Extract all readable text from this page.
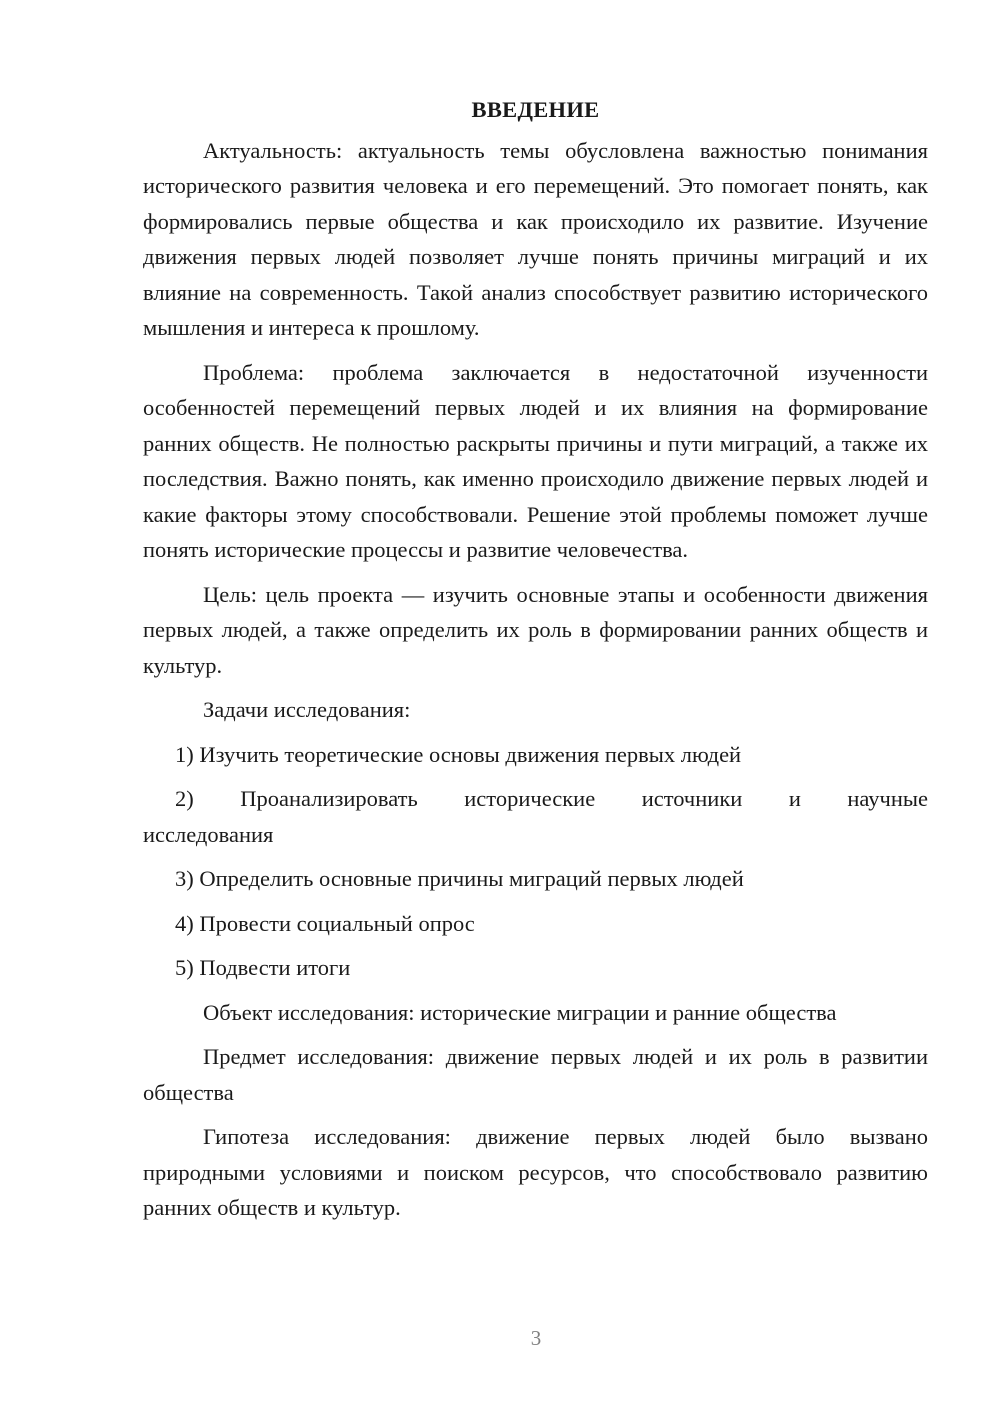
ВВЕДЕНИЕ

Актуальность: актуальность темы обусловлена важностью понимания исторического развития человека и его перемещений. Это помогает понять, как формировались первые общества и как происходило их развитие. Изучение движения первых людей позволяет лучше понять причины миграций и их влияние на современность. Такой анализ способствует развитию исторического мышления и интереса к прошлому.

Проблема: проблема заключается в недостаточной изученности особенностей перемещений первых людей и их влияния на формирование ранних обществ. Не полностью раскрыты причины и пути миграций, а также их последствия. Важно понять, как именно происходило движение первых людей и какие факторы этому способствовали. Решение этой проблемы поможет лучше понять исторические процессы и развитие человечества.

Цель: цель проекта — изучить основные этапы и особенности движения первых людей, а также определить их роль в формировании ранних обществ и культур.

Задачи исследования:
1) Изучить теоретические основы движения первых людей
2) Проанализировать исторические источники и научные
исследования
3) Определить основные причины миграций первых людей
4) Провести социальный опрос
5) Подвести итоги

Объект исследования: исторические миграции и ранние общества

Предмет исследования: движение первых людей и их роль в развитии общества

Гипотеза исследования: движение первых людей было вызвано природными условиями и поиском ресурсов, что способствовало развитию ранних обществ и культур.

3
